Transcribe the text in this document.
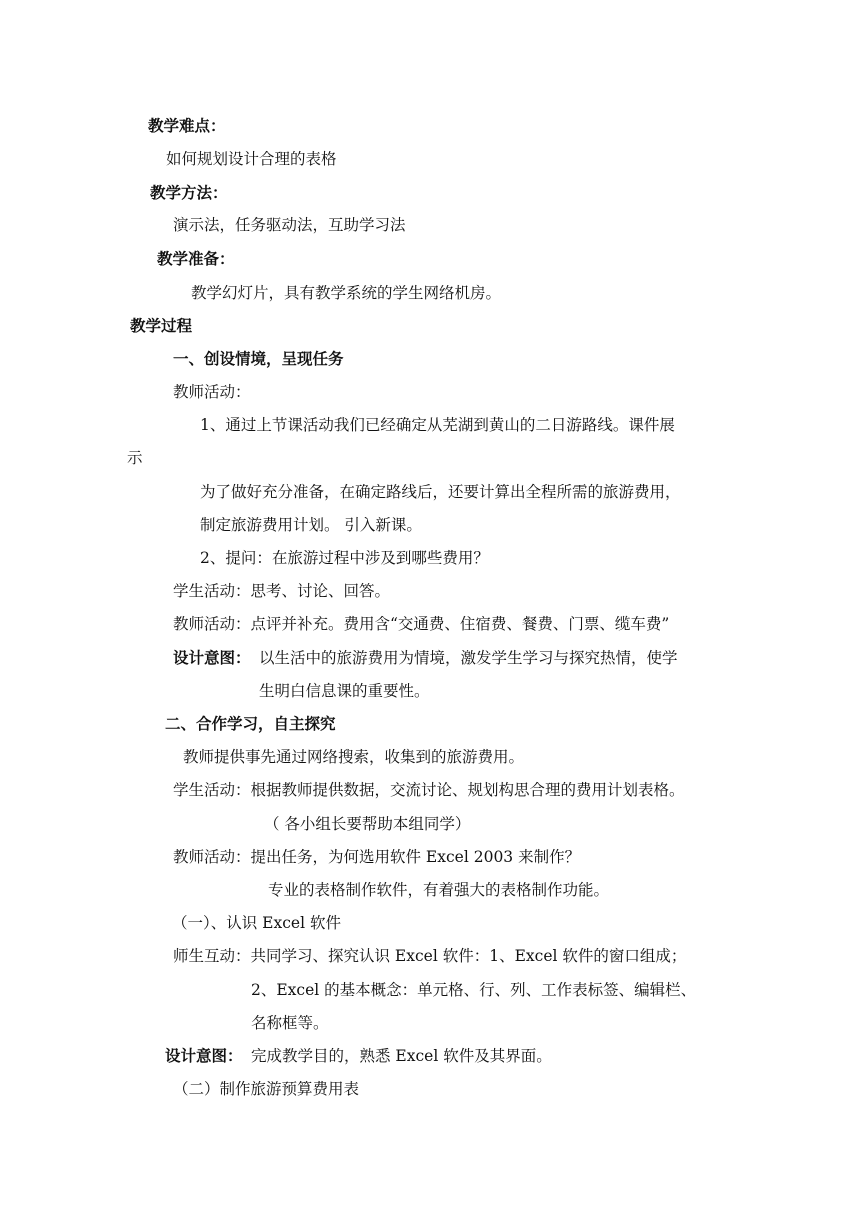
教学难点：
如何规划设计合理的表格
教学方法：
演示法，任务驱动法，互助学习法
教学准备：
教学幻灯片，具有教学系统的学生网络机房。
教学过程
一、创设情境，呈现任务
教师活动：
1、通过上节课活动我们已经确定从芜湖到黄山的二日游路线。课件展
示
为了做好充分准备，在确定路线后，还要计算出全程所需的旅游费用，
制定旅游费用计划。 引入新课。
2、提问：在旅游过程中涉及到哪些费用？
学生活动：思考、讨论、回答。
教师活动：点评并补充。费用含“交通费、住宿费、餐费、门票、缆车费”
设计意图： 以生活中的旅游费用为情境，激发学生学习与探究热情，使学
生明白信息课的重要性。
二、合作学习，自主探究
教师提供事先通过网络搜索，收集到的旅游费用。
学生活动：根据教师提供数据，交流讨论、规划构思合理的费用计划表格。
（ 各小组长要帮助本组同学）
教师活动：提出任务，为何选用软件 Excel 2003 来制作？
专业的表格制作软件，有着强大的表格制作功能。
（一）、认识 Excel 软件
师生互动：共同学习、探究认识 Excel 软件：1、Excel 软件的窗口组成；
2、Excel 的基本概念：单元格、行、列、工作表标签、编辑栏、
名称框等。
设计意图： 完成教学目的，熟悉 Excel 软件及其界面。
（二）制作旅游预算费用表
